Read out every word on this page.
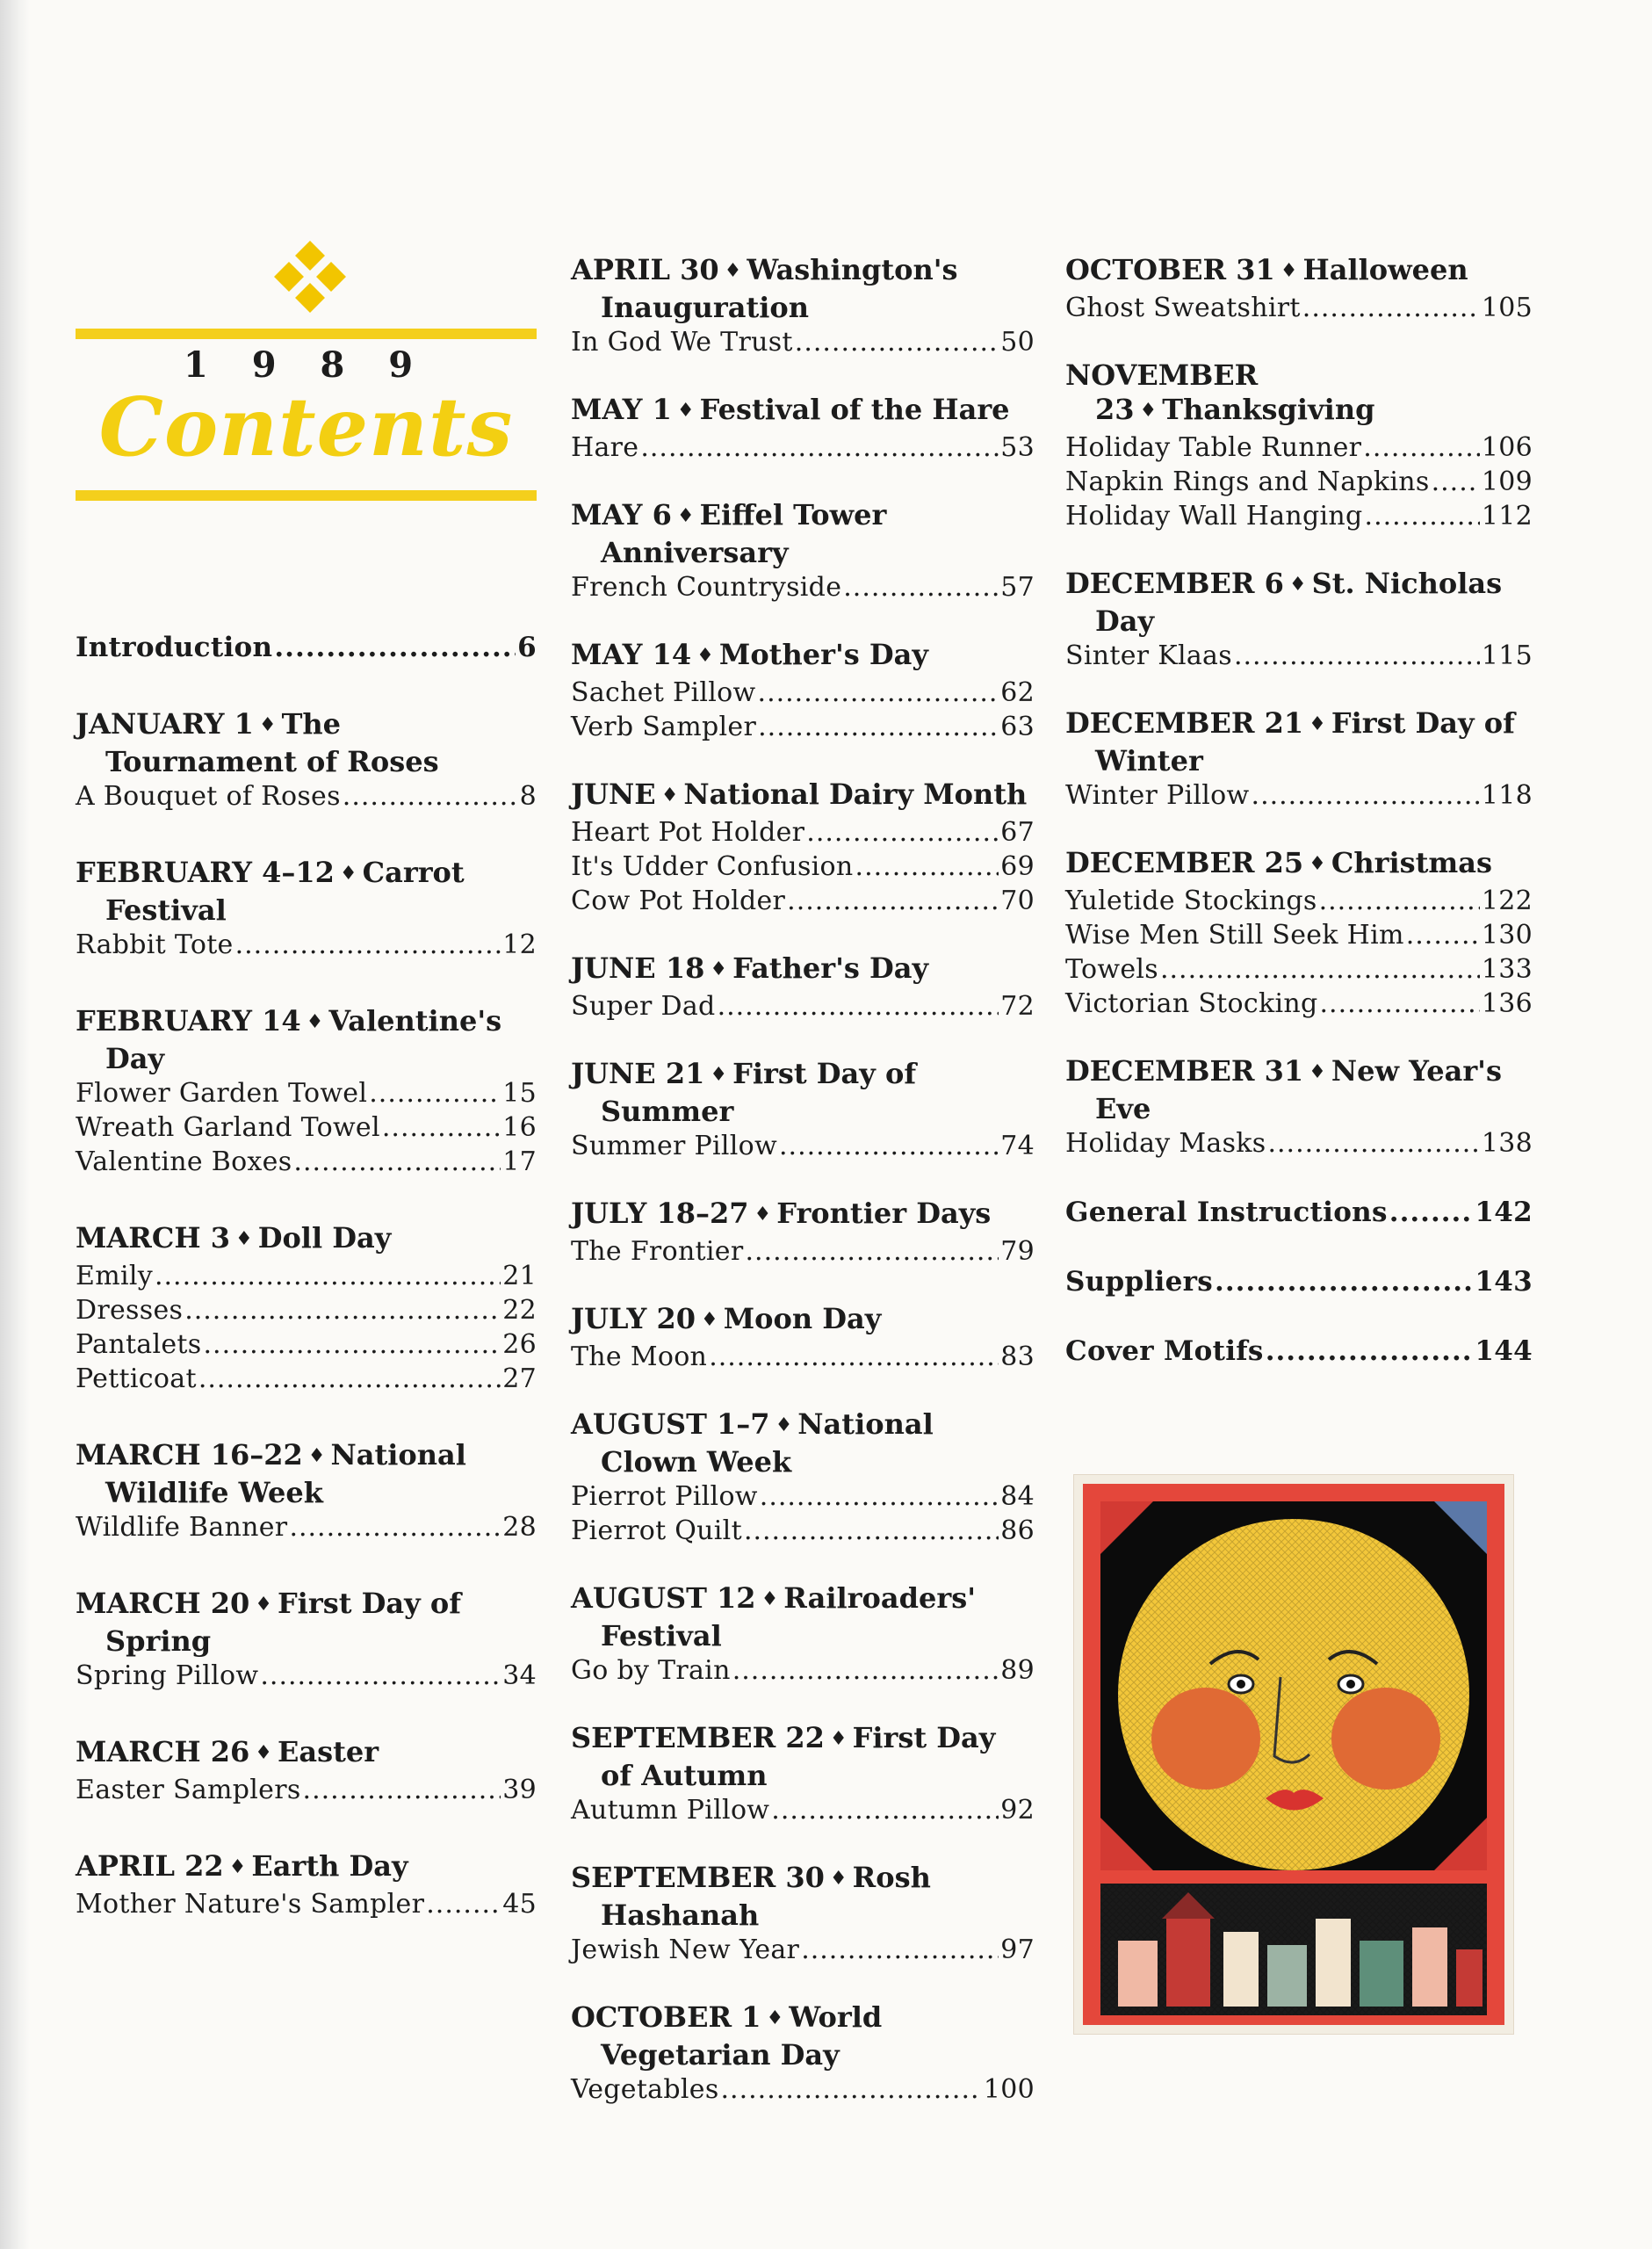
1 9 8 9
Contents
Introduction .....	6
JANUARY 1 ♦ The Tournament of Roses
A Bouquet of Roses .....	8
FEBRUARY 4–12 ♦ Carrot Festival
Rabbit Tote .....	12
FEBRUARY 14 ♦ Valentine's Day
Flower Garden Towel .....	15
Wreath Garland Towel .....	16
Valentine Boxes .....	17
MARCH 3 ♦ Doll Day
Emily .....	21
Dresses .....	22
Pantalets .....	26
Petticoat .....	27
MARCH 16–22 ♦ National Wildlife Week
Wildlife Banner .....	28
MARCH 20 ♦ First Day of Spring
Spring Pillow .....	34
MARCH 26 ♦ Easter
Easter Samplers .....	39
APRIL 22 ♦ Earth Day
Mother Nature's Sampler .....	45
APRIL 30 ♦ Washington's Inauguration
In God We Trust .....	50
MAY 1 ♦ Festival of the Hare
Hare .....	53
MAY 6 ♦ Eiffel Tower Anniversary
French Countryside .....	57
MAY 14 ♦ Mother's Day
Sachet Pillow .....	62
Verb Sampler .....	63
JUNE ♦ National Dairy Month
Heart Pot Holder .....	67
It's Udder Confusion .....	69
Cow Pot Holder .....	70
JUNE 18 ♦ Father's Day
Super Dad .....	72
JUNE 21 ♦ First Day of Summer
Summer Pillow .....	74
JULY 18–27 ♦ Frontier Days
The Frontier .....	79
JULY 20 ♦ Moon Day
The Moon .....	83
AUGUST 1–7 ♦ National Clown Week
Pierrot Pillow .....	84
Pierrot Quilt .....	86
AUGUST 12 ♦ Railroaders' Festival
Go by Train .....	89
SEPTEMBER 22 ♦ First Day of Autumn
Autumn Pillow .....	92
SEPTEMBER 30 ♦ Rosh Hashanah
Jewish New Year .....	97
OCTOBER 1 ♦ World Vegetarian Day
Vegetables .....	100
OCTOBER 31 ♦ Halloween
Ghost Sweatshirt .....	105
NOVEMBER 23 ♦ Thanksgiving
Holiday Table Runner .....	106
Napkin Rings and Napkins ..... 109
Holiday Wall Hanging .....	112
DECEMBER 6 ♦ St. Nicholas Day
Sinter Klaas .....	115
DECEMBER 21 ♦ First Day of Winter
Winter Pillow .....	118
DECEMBER 25 ♦ Christmas
Yuletide Stockings .....	122
Wise Men Still Seek Him .....	130
Towels .....	133
Victorian Stocking .....	136
DECEMBER 31 ♦ New Year's Eve
Holiday Masks .....	138
General Instructions .....	142
Suppliers .....	143
Cover Motifs .....	144
